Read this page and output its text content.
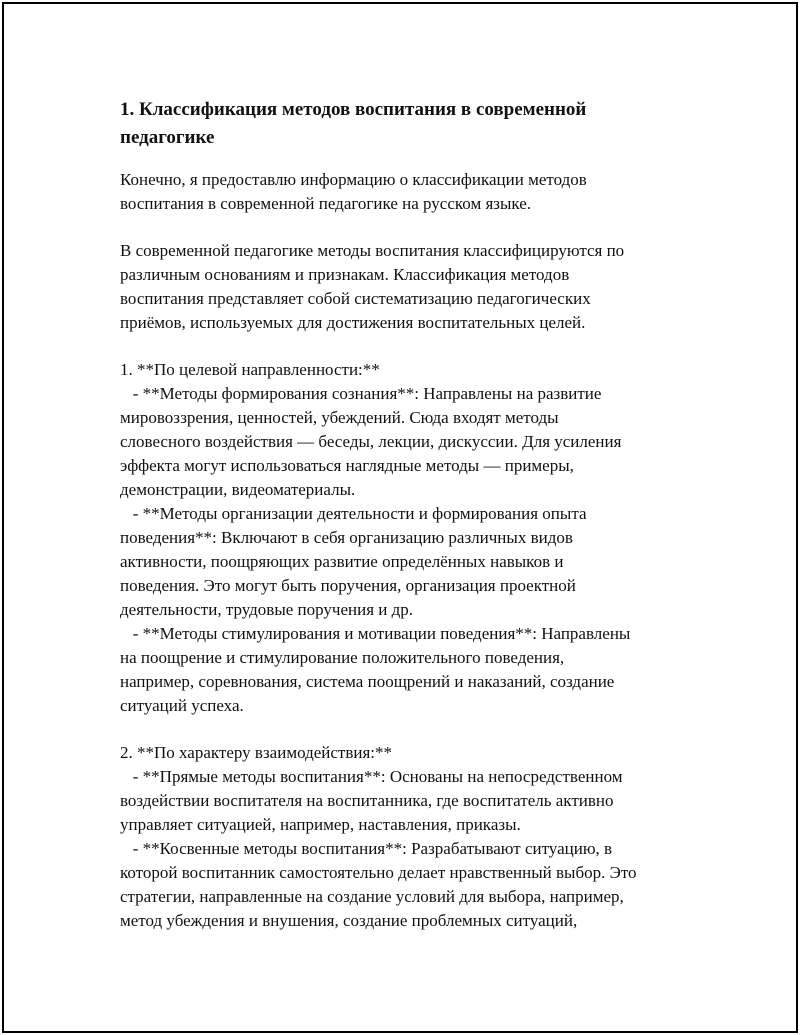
1. Классификация методов воспитания в современной педагогике

Конечно, я предоставлю информацию о классификации методов
воспитания в современной педагогике на русском языке.

В современной педагогике методы воспитания классифицируются по
различным основаниям и признакам. Классификация методов
воспитания представляет собой систематизацию педагогических
приёмов, используемых для достижения воспитательных целей.

1. **По целевой направленности:**
- **Методы формирования сознания**: Направлены на развитие
мировоззрения, ценностей, убеждений. Сюда входят методы
словесного воздействия — беседы, лекции, дискуссии. Для усиления
эффекта могут использоваться наглядные методы — примеры,
демонстрации, видеоматериалы.
- **Методы организации деятельности и формирования опыта
поведения**: Включают в себя организацию различных видов
активности, поощряющих развитие определённых навыков и
поведения. Это могут быть поручения, организация проектной
деятельности, трудовые поручения и др.
- **Методы стимулирования и мотивации поведения**: Направлены
на поощрение и стимулирование положительного поведения,
например, соревнования, система поощрений и наказаний, создание
ситуаций успеха.

2. **По характеру взаимодействия:**
- **Прямые методы воспитания**: Основаны на непосредственном
воздействии воспитателя на воспитанника, где воспитатель активно
управляет ситуацией, например, наставления, приказы.
- **Косвенные методы воспитания**: Разрабатывают ситуацию, в
которой воспитанник самостоятельно делает нравственный выбор. Это
стратегии, направленные на создание условий для выбора, например,
метод убеждения и внушения, создание проблемных ситуаций,
